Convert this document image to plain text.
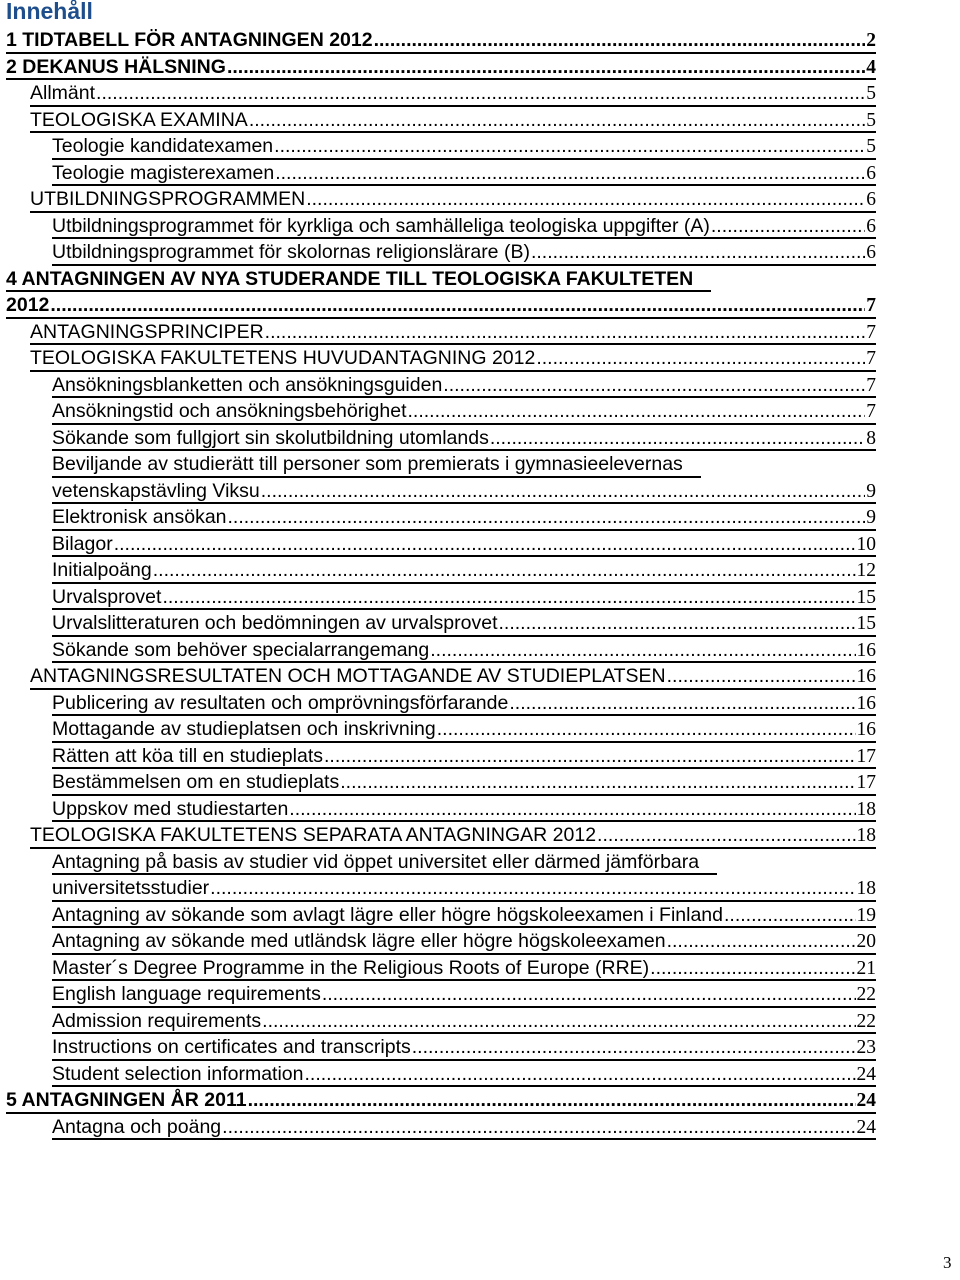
Innehåll
1 TIDTABELL FÖR ANTAGNINGEN 2012 .....	2
2 DEKANUS HÄLSNING .....	4
Allmänt .....	5
TEOLOGISKA EXAMINA .....	5
Teologie kandidatexamen .....	5
Teologie magisterexamen .....	6
UTBILDNINGSPROGRAMMEN .....	6
Utbildningsprogrammet för kyrkliga och samhälleliga teologiska uppgifter (A) .....	6
Utbildningsprogrammet för skolornas religionslärare (B) .....	6
4 ANTAGNINGEN AV NYA STUDERANDE TILL TEOLOGISKA FAKULTETEN
2012 .....	7
ANTAGNINGSPRINCIPER .....	7
TEOLOGISKA FAKULTETENS HUVUDANTAGNING 2012 .....	7
Ansökningsblanketten och ansökningsguiden .....	7
Ansökningstid och ansökningsbehörighet .....	7
Sökande som fullgjort sin skolutbildning utomlands .....	8
Beviljande av studierätt till personer som premierats i gymnasieelevernas
vetenskapstävling Viksu .....	9
Elektronisk ansökan .....	9
Bilagor .....	10
Initialpoäng .....	12
Urvalsprovet .....	15
Urvalslitteraturen och bedömningen av urvalsprovet .....	15
Sökande som behöver specialarrangemang .....	16
ANTAGNINGSRESULTATEN OCH MOTTAGANDE AV STUDIEPLATSEN .....	16
Publicering av resultaten och omprövningsförfarande .....	16
Mottagande av studieplatsen och inskrivning .....	16
Rätten att köa till en studieplats .....	17
Bestämmelsen om en studieplats .....	17
Uppskov med studiestarten .....	18
TEOLOGISKA FAKULTETENS SEPARATA ANTAGNINGAR 2012 .....	18
Antagning på basis av studier vid öppet universitet eller därmed jämförbara
universitetsstudier .....	18
Antagning av sökande som avlagt lägre eller högre högskoleexamen i Finland .....	19
Antagning av sökande med utländsk lägre eller högre högskoleexamen .....	20
Master´s Degree Programme in the Religious Roots of Europe (RRE) .....	21
English language requirements .....	22
Admission requirements .....	22
Instructions on certificates and transcripts .....	23
Student selection information .....	24
5 ANTAGNINGEN ÅR 2011 .....	24
Antagna och poäng .....	24
3
